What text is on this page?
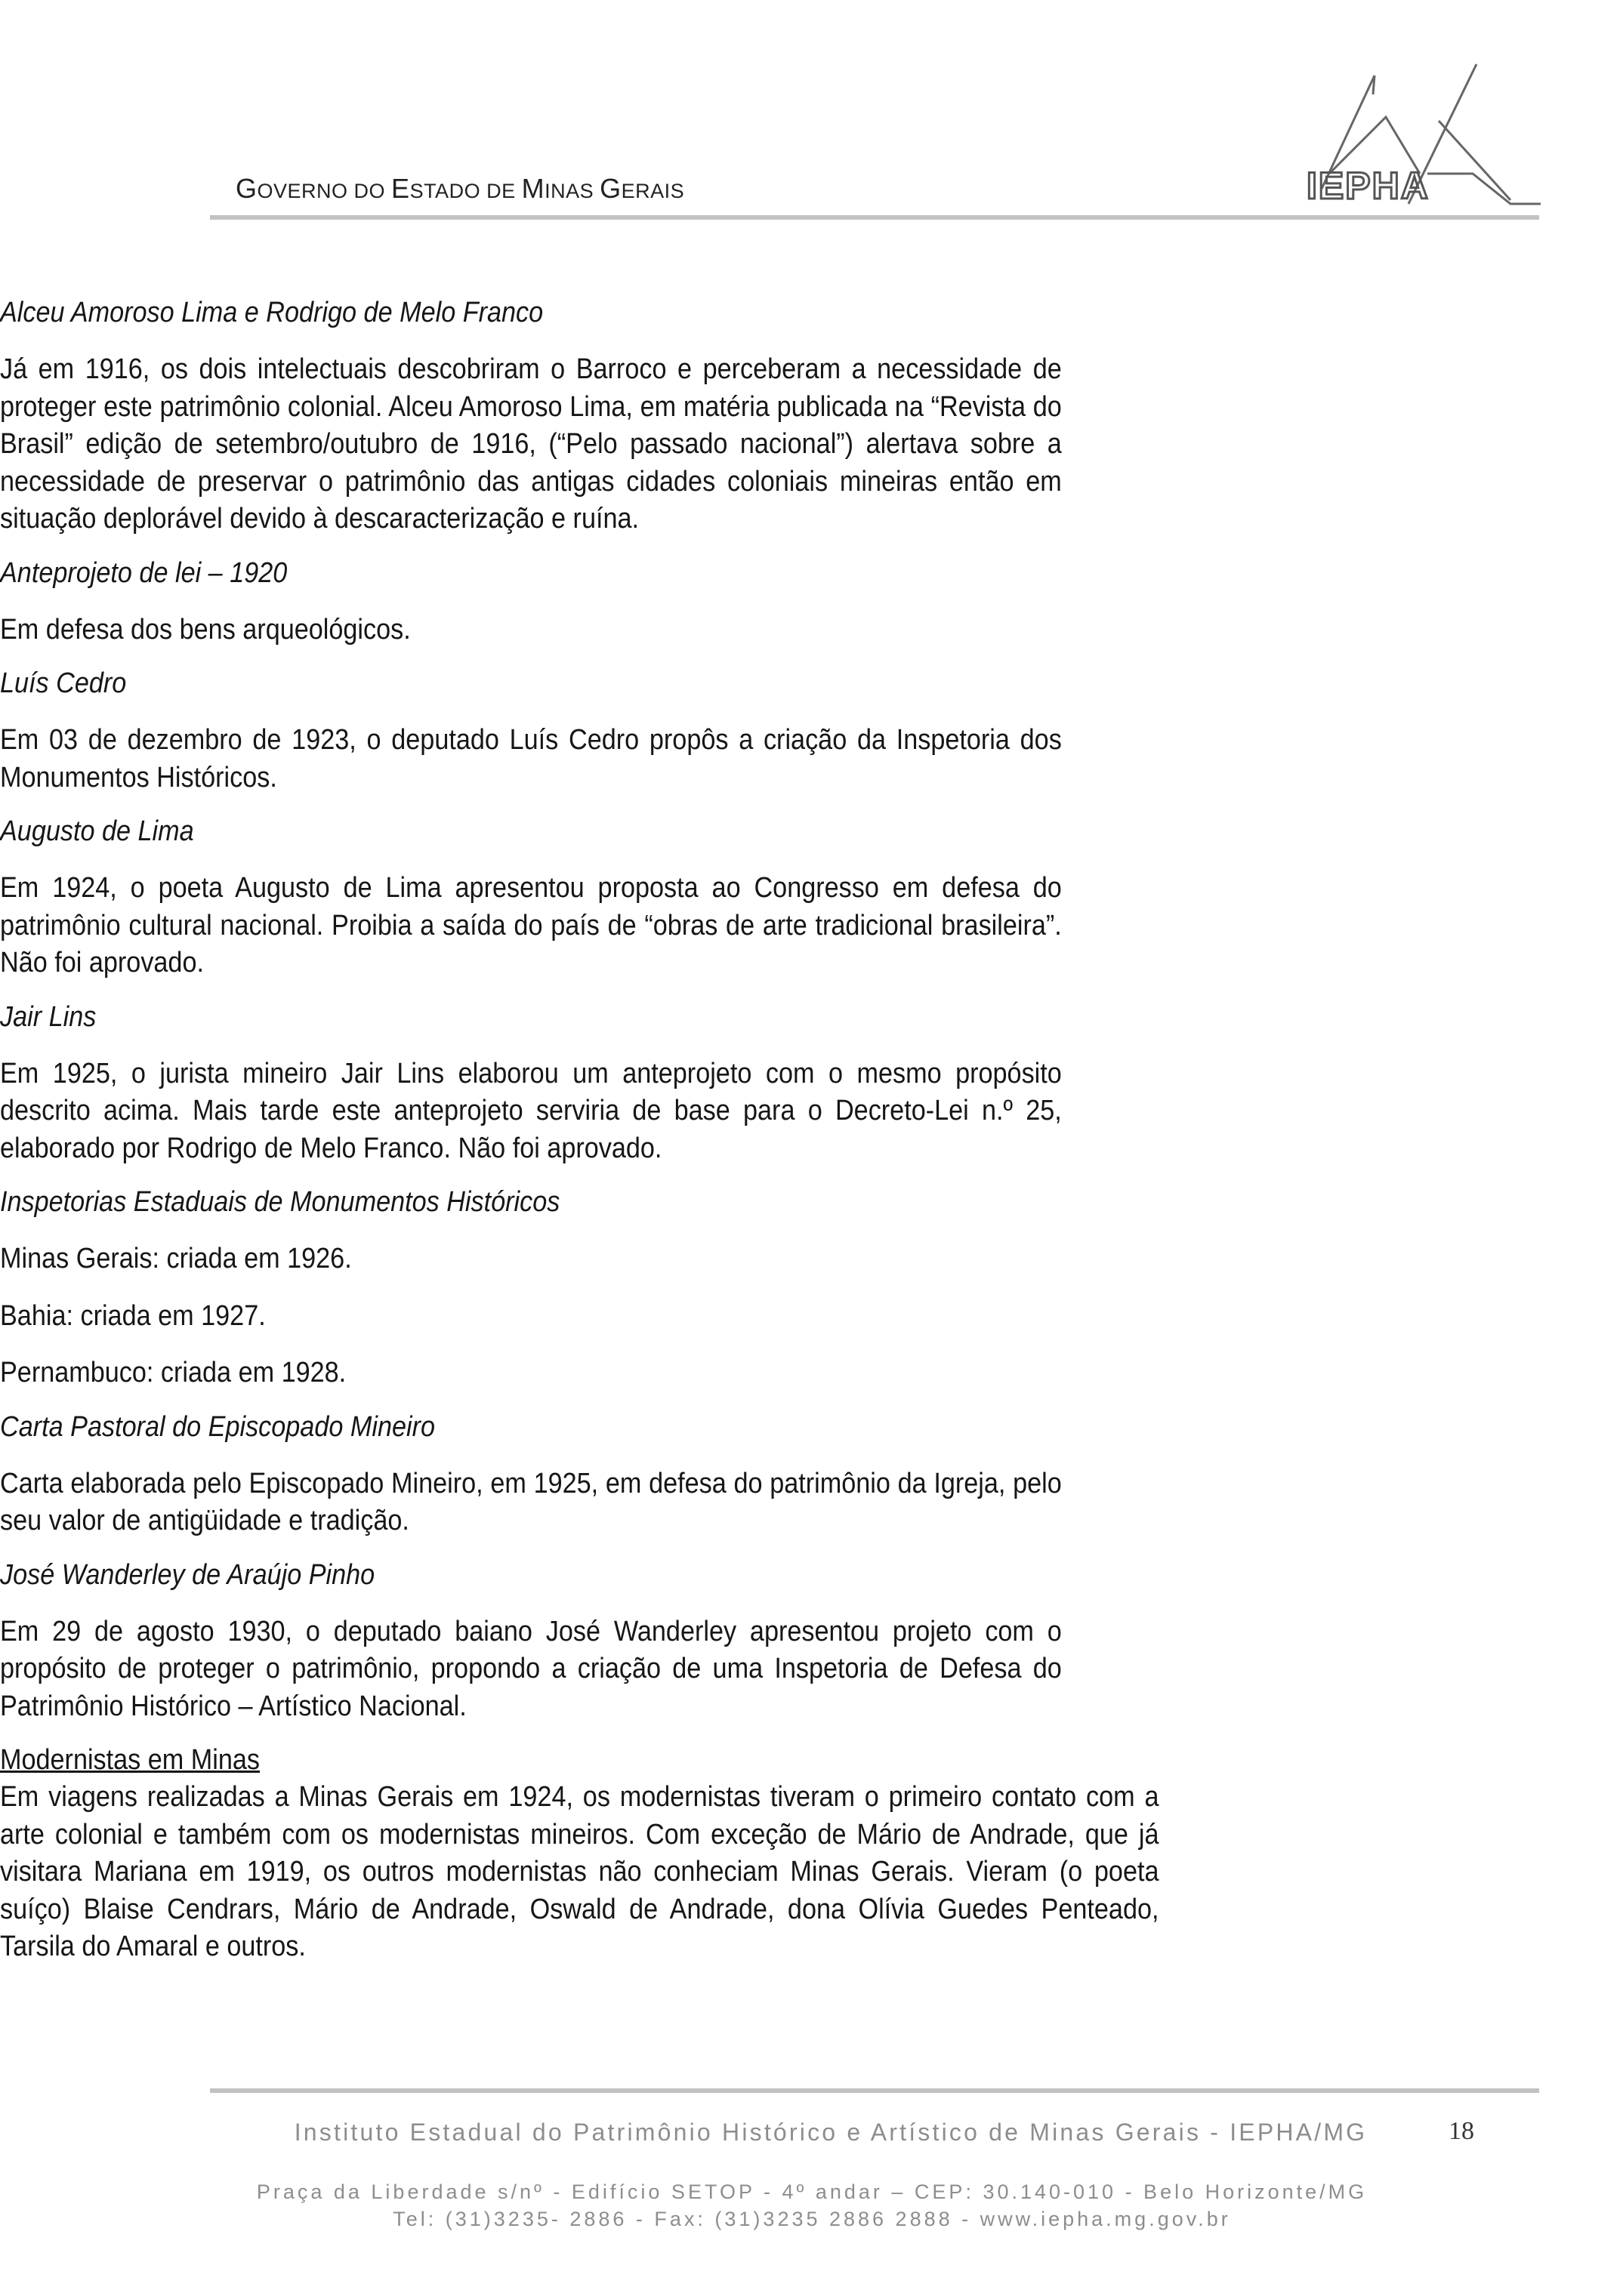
GOVERNO DO ESTADO DE MINAS GERAIS	IEPHA
Alceu Amoroso Lima e Rodrigo de Melo Franco

Já em 1916, os dois intelectuais descobriram o Barroco e perceberam a necessidade de proteger este patrimônio colonial. Alceu Amoroso Lima, em matéria publicada na “Revista do Brasil” edição de setembro/outubro de 1916, (“Pelo passado nacional”) alertava sobre a necessidade de preservar o patrimônio das antigas cidades coloniais mineiras então em situação deplorável devido à descaracterização e ruína.

Anteprojeto de lei – 1920

Em defesa dos bens arqueológicos.

Luís Cedro

Em 03 de dezembro de 1923, o deputado Luís Cedro propôs a criação da Inspetoria dos Monumentos Históricos.

Augusto de Lima

Em 1924, o poeta Augusto de Lima apresentou proposta ao Congresso em defesa do patrimônio cultural nacional. Proibia a saída do país de “obras de arte tradicional brasileira”. Não foi aprovado.

Jair Lins

Em 1925, o jurista mineiro Jair Lins elaborou um anteprojeto com o mesmo propósito descrito acima. Mais tarde este anteprojeto serviria de base para o Decreto-Lei n.º 25, elaborado por Rodrigo de Melo Franco. Não foi aprovado.

Inspetorias Estaduais de Monumentos Históricos

Minas Gerais: criada em 1926.

Bahia: criada em 1927.

Pernambuco: criada em 1928.

Carta Pastoral do Episcopado Mineiro

Carta elaborada pelo Episcopado Mineiro, em 1925, em defesa do patrimônio da Igreja, pelo seu valor de antigüidade e tradição.

José Wanderley de Araújo Pinho

Em 29 de agosto 1930, o deputado baiano José Wanderley apresentou projeto com o propósito de proteger o patrimônio, propondo a criação de uma Inspetoria de Defesa do Patrimônio Histórico – Artístico Nacional.

Modernistas em Minas

Em viagens realizadas a Minas Gerais em 1924, os modernistas tiveram o primeiro contato com a arte colonial e também com os modernistas mineiros. Com exceção de Mário de Andrade, que já visitara Mariana em 1919, os outros modernistas não conheciam Minas Gerais. Vieram (o poeta suíço) Blaise Cendrars, Mário de Andrade, Oswald de Andrade, dona Olívia Guedes Penteado, Tarsila do Amaral e outros.

Instituto Estadual do Patrimônio Histórico e Artístico de Minas Gerais - IEPHA/MG	18
Praça da Liberdade s/nº - Edifício SETOP - 4º andar – CEP: 30.140-010 - Belo Horizonte/MG
Tel: (31)3235- 2886 - Fax: (31)3235 2886 2888 - www.iepha.mg.gov.br
